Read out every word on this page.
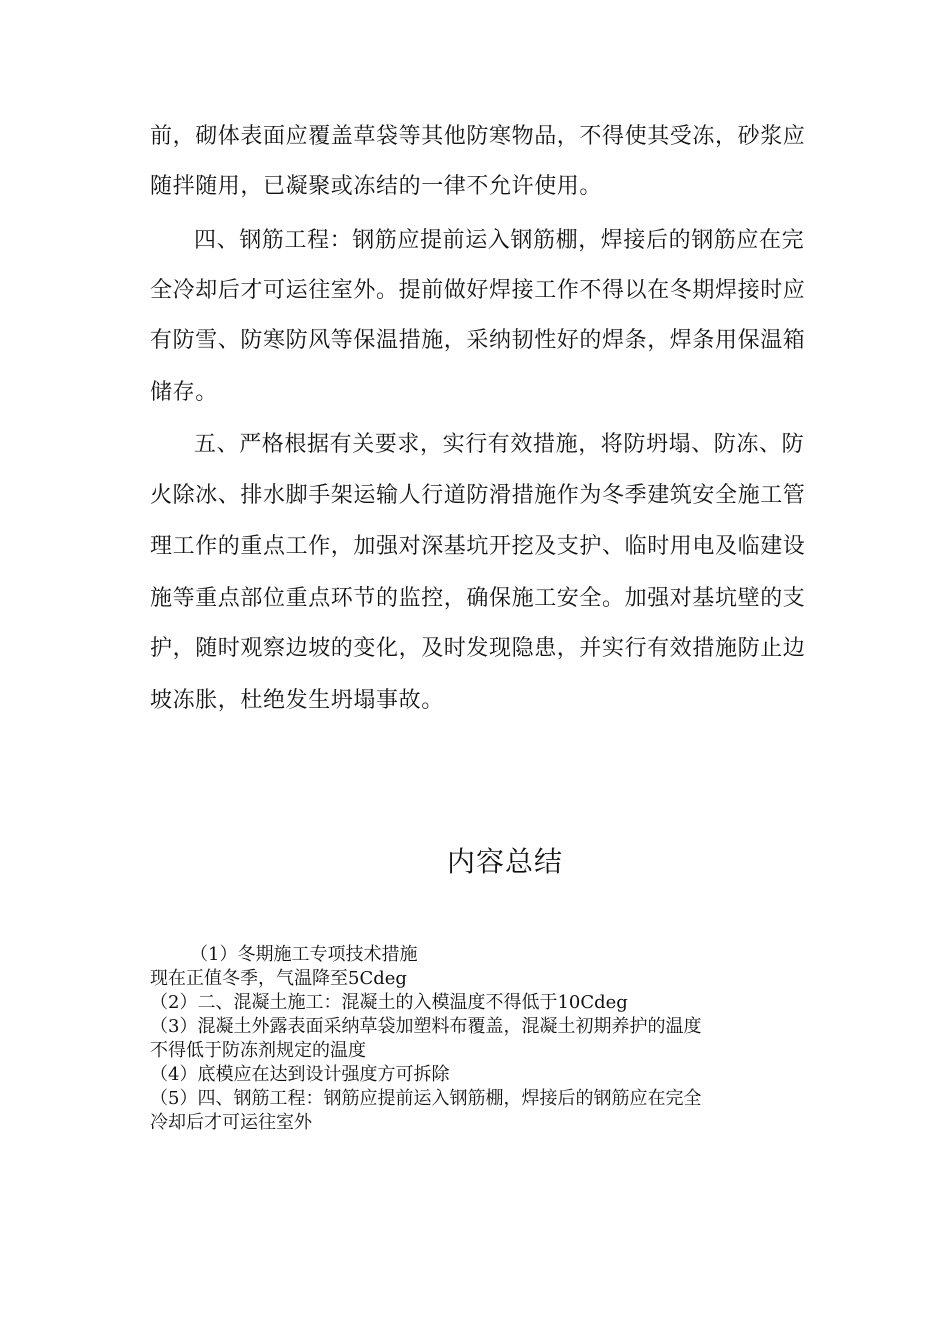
前，砌体表面应覆盖草袋等其他防寒物品，不得使其受冻，砂浆应
随拌随用，已凝聚或冻结的一律不允许使用。
四、钢筋工程：钢筋应提前运入钢筋棚，焊接后的钢筋应在完
全冷却后才可运往室外。提前做好焊接工作不得以在冬期焊接时应
有防雪、防寒防风等保温措施，采纳韧性好的焊条，焊条用保温箱
储存。
五、严格根据有关要求，实行有效措施，将防坍塌、防冻、防
火除冰、排水脚手架运输人行道防滑措施作为冬季建筑安全施工管
理工作的重点工作，加强对深基坑开挖及支护、临时用电及临建设
施等重点部位重点环节的监控，确保施工安全。加强对基坑壁的支
护，随时观察边坡的变化，及时发现隐患，并实行有效措施防止边
坡冻胀，杜绝发生坍塌事故。
内容总结
（1）冬期施工专项技术措施
现在正值冬季，气温降至5Cdeg
（2）二、混凝土施工：混凝土的入模温度不得低于10Cdeg
（3）混凝土外露表面采纳草袋加塑料布覆盖，混凝土初期养护的温度
不得低于防冻剂规定的温度
（4）底模应在达到设计强度方可拆除
（5）四、钢筋工程：钢筋应提前运入钢筋棚，焊接后的钢筋应在完全
冷却后才可运往室外
